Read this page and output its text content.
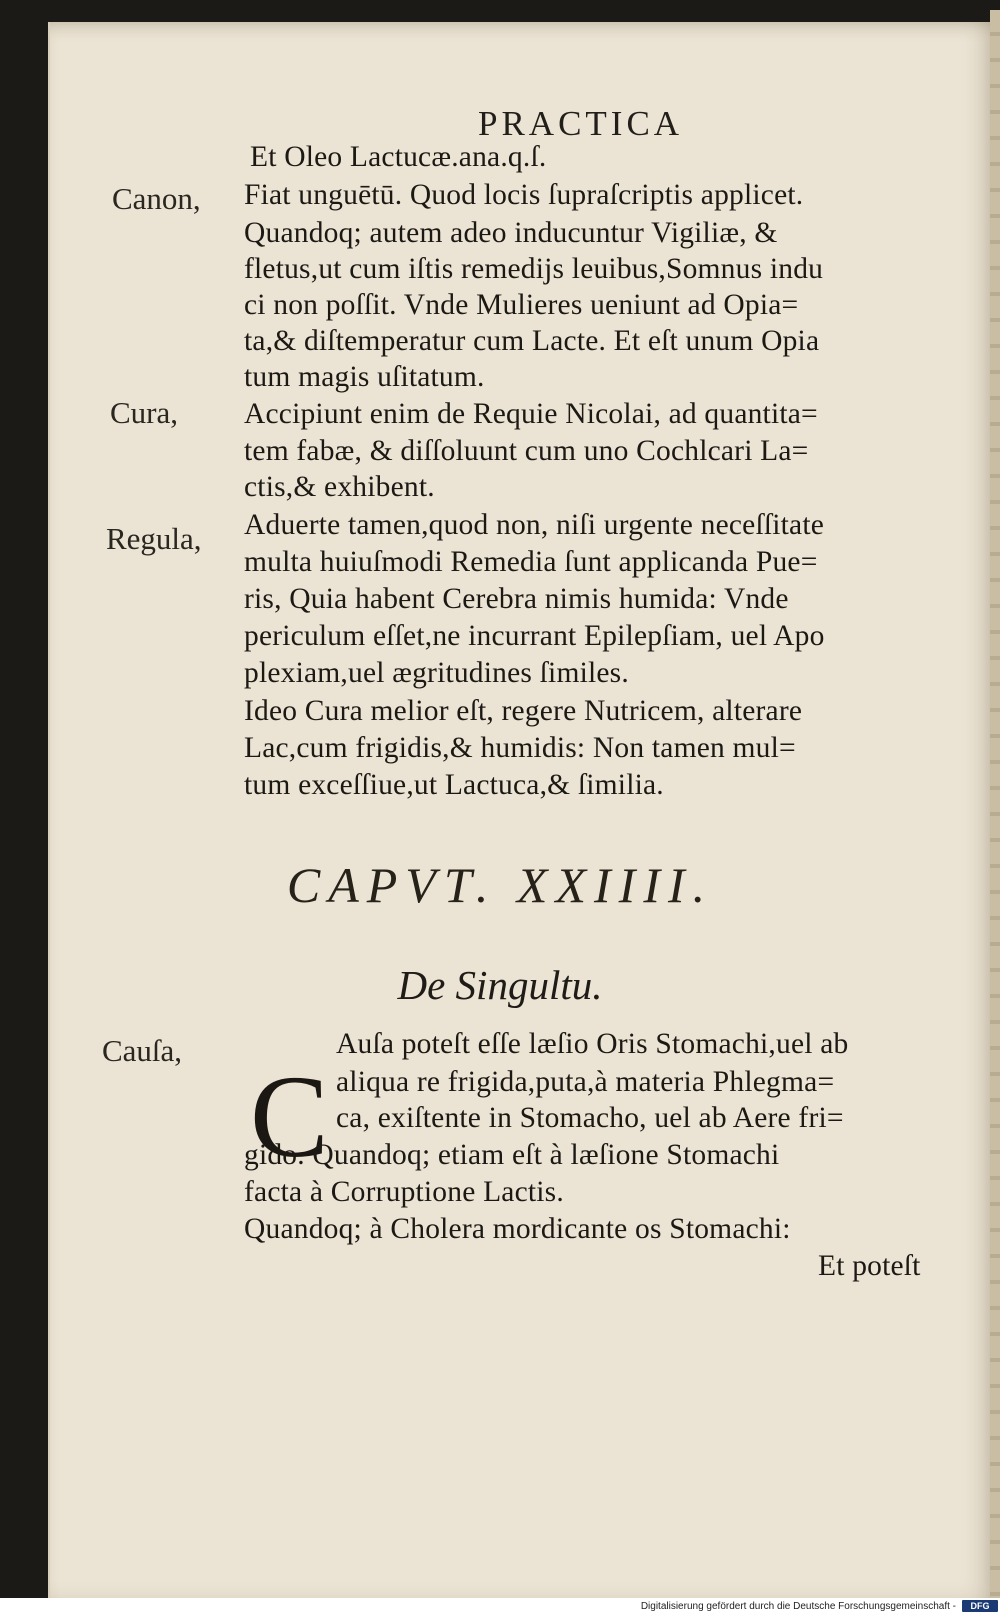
PRACTICA
Canon,
Cura,
Regula,
Cauſa,
Et Oleo Lactucæ.ana.q.ſ.
Fiat unguētū. Quod locis ſupraſcriptis applicet.
Quandoq; autem adeo inducuntur Vigiliæ, &
fletus,ut cum iſtis remedijs leuibus,Somnus indu
ci non poſſit. Vnde Mulieres ueniunt ad Opia=
ta,& diſtemperatur cum Lacte. Et eſt unum Opia
tum magis uſitatum.
Accipiunt enim de Requie Nicolai, ad quantita=
tem fabæ, & diſſoluunt cum uno Cochlcari La=
ctis,& exhibent.
Aduerte tamen,quod non, niſi urgente neceſſitate
multa huiuſmodi Remedia ſunt applicanda Pue=
ris, Quia habent Cerebra nimis humida: Vnde
periculum eſſet,ne incurrant Epilepſiam, uel Apo
plexiam,uel ægritudines ſimiles.
Ideo Cura melior eſt, regere Nutricem, alterare
Lac,cum frigidis,& humidis: Non tamen mul=
tum exceſſiue,ut Lactuca,& ſimilia.
CAPVT. XXIIII.
De Singultu.
C
Auſa poteſt eſſe læſio Oris Stomachi,uel ab
aliqua re frigida,puta,à materia Phlegma=
ca, exiſtente in Stomacho, uel ab Aere fri=
gido. Quandoq; etiam eſt à læſione Stomachi
facta à Corruptione Lactis.
Quandoq; à Cholera mordicante os Stomachi:
Et poteſt
Digitalisierung gefördert durch die Deutsche Forschungsgemeinschaft -	DFG
